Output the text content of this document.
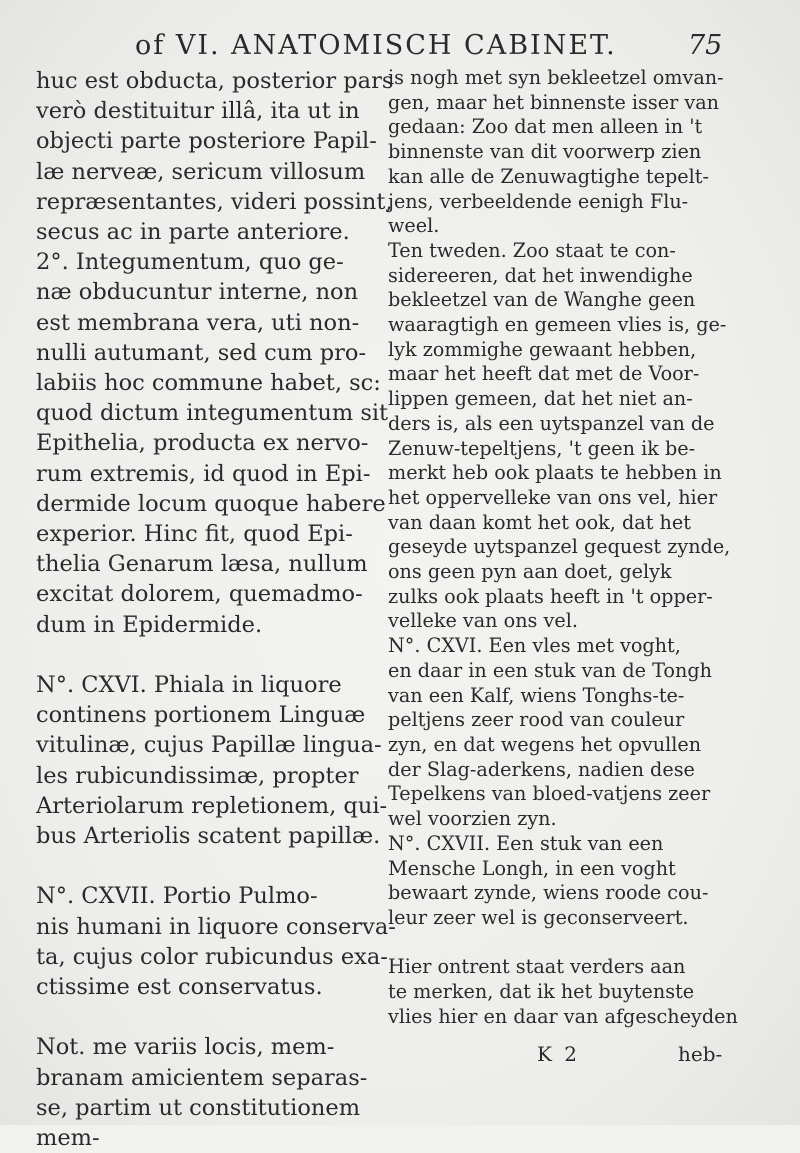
of VI. ANATOMISCH CABINET.	75
huc est obducta, posterior pars
verò destituitur illâ, ita ut in
objecti parte posteriore Papil-
læ nerveæ, sericum villosum
repræsentantes, videri possint,
secus ac in parte anteriore.
2°. Integumentum, quo ge-
næ obducuntur interne, non
est membrana vera, uti non-
nulli autumant, sed cum pro-
labiis hoc commune habet, sc:
quod dictum integumentum sit
Epithelia, producta ex nervo-
rum extremis, id quod in Epi-
dermide locum quoque habere
experior. Hinc fit, quod Epi-
thelia Genarum læsa, nullum
excitat dolorem, quemadmo-
dum in Epidermide.
N°. CXVI. Phiala in liquore
continens portionem Linguæ
vitulinæ, cujus Papillæ lingua-
les rubicundissimæ, propter
Arteriolarum repletionem, qui-
bus Arteriolis scatent papillæ.
N°. CXVII. Portio Pulmo-
nis humani in liquore conserva-
ta, cujus color rubicundus exa-
ctissime est conservatus.
Not. me variis locis, mem-
branam amicientem separas-
se, partim ut constitutionem
mem-
is nogh met syn bekleetzel omvan-
gen, maar het binnenste isser van
gedaan: Zoo dat men alleen in 't
binnenste van dit voorwerp zien
kan alle de Zenuwagtighe tepelt-
jens, verbeeldende eenigh Flu-
weel.
Ten tweden. Zoo staat te con-
sidereeren, dat het inwendighe
bekleetzel van de Wanghe geen
waaragtigh en gemeen vlies is, ge-
lyk zommighe gewaant hebben,
maar het heeft dat met de Voor-
lippen gemeen, dat het niet an-
ders is, als een uytspanzel van de
Zenuw-tepeltjens, 't geen ik be-
merkt heb ook plaats te hebben in
het oppervelleke van ons vel, hier
van daan komt het ook, dat het
geseyde uytspanzel gequest zynde,
ons geen pyn aan doet, gelyk
zulks ook plaats heeft in 't opper-
velleke van ons vel.
N°. CXVI. Een vles met voght,
en daar in een stuk van de Tongh
van een Kalf, wiens Tonghs-te-
peltjens zeer rood van couleur
zyn, en dat wegens het opvullen
der Slag-aderkens, nadien dese
Tepelkens van bloed-vatjens zeer
wel voorzien zyn.
N°. CXVII. Een stuk van een
Mensche Longh, in een voght
bewaart zynde, wiens roode cou-
leur zeer wel is geconserveert.
Hier ontrent staat verders aan
te merken, dat ik het buytenste
vlies hier en daar van afgescheyden
K 2	heb-
